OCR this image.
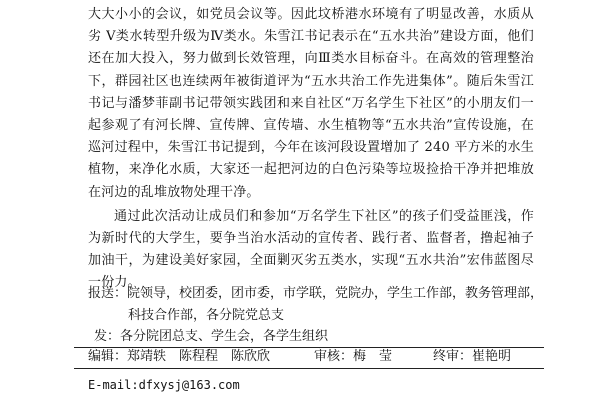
大大小小的会议，如党员会议等。因此坟桥港水环境有了明显改善，水质从劣 Ⅴ类水转型升级为Ⅳ类水。朱雪江书记表示在“五水共治”建设方面，他们还在加大投入，努力做到长效管理，向Ⅲ类水目标奋斗。在高效的管理整治下，群园社区也连续两年被街道评为“五水共治工作先进集体”。随后朱雪江书记与潘梦菲副书记带领实践团和来自社区“万名学生下社区”的小朋友们一起参观了有河长牌、宣传牌、宣传墙、水生植物等“五水共治”宣传设施，在巡河过程中，朱雪江书记提到，今年在该河段设置增加了 240 平方米的水生植物，来净化水质，大家还一起把河边的白色污染等垃圾捡拾干净并把堆放在河边的乱堆放物处理干净。

通过此次活动让成员们和参加“万名学生下社区”的孩子们受益匪浅，作为新时代的大学生，要争当治水活动的宣传者、践行者、监督者，撸起袖子加油干，为建设美好家园，全面剿灭劣五类水，实现“五水共治”宏伟蓝图尽一份力。

报送：院领导，校团委，团市委，市学联，党院办，学生工作部，教务管理部，
科技合作部，各分院党总支
发：各分院团总支、学生会，各学生组织
编辑：郑靖轶　陈程程　陈欣欣	审核：梅　莹	终审：崔艳明
E-mail:dfxysj@163.com
